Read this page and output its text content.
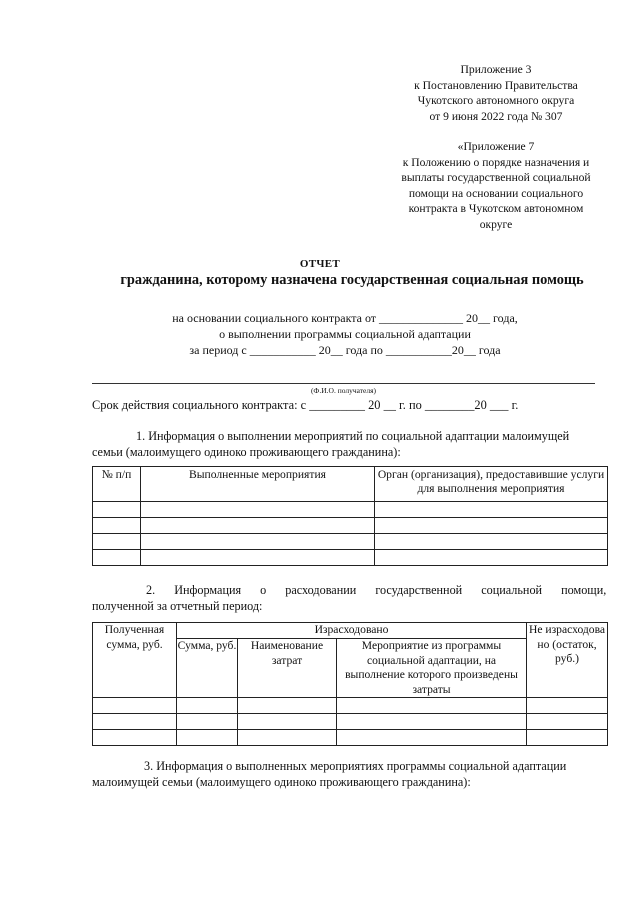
Приложение 3
к Постановлению Правительства
Чукотского автономного округа
от 9 июня 2022 года № 307
«Приложение 7
к Положению о порядке назначения и
выплаты государственной социальной
помощи на основании социального
контракта в Чукотском автономном
округе
ОТЧЕТ
гражданина, которому назначена государственная социальная помощь
на основании социального контракта от ______________ 20__ года,
о выполнении программы социальной адаптации
за период с ___________ 20__ года по ___________20__ года
(Ф.И.О. получателя)
Срок действия социального контракта: с _________ 20 __ г. по ________20 ___ г.
1. Информация о выполнении мероприятий по социальной адаптации малоимущей
семьи (малоимущего одиноко проживающего гражданина):
№ п/п	Выполненные мероприятия	Орган (организация), предоставившие услуги для выполнения мероприятия

2. Информация о расходовании государственной социальной помощи,
полученной за отчетный период:
Полученная сумма, руб.	Израсходовано			Не израсходова но (остаток, руб.)
	Сумма, руб.	Наименование затрат	Мероприятие из программы социальной адаптации, на выполнение которого произведены затраты	

3. Информация о выполненных мероприятиях программы социальной адаптации
малоимущей семьи (малоимущего одиноко проживающего гражданина):
